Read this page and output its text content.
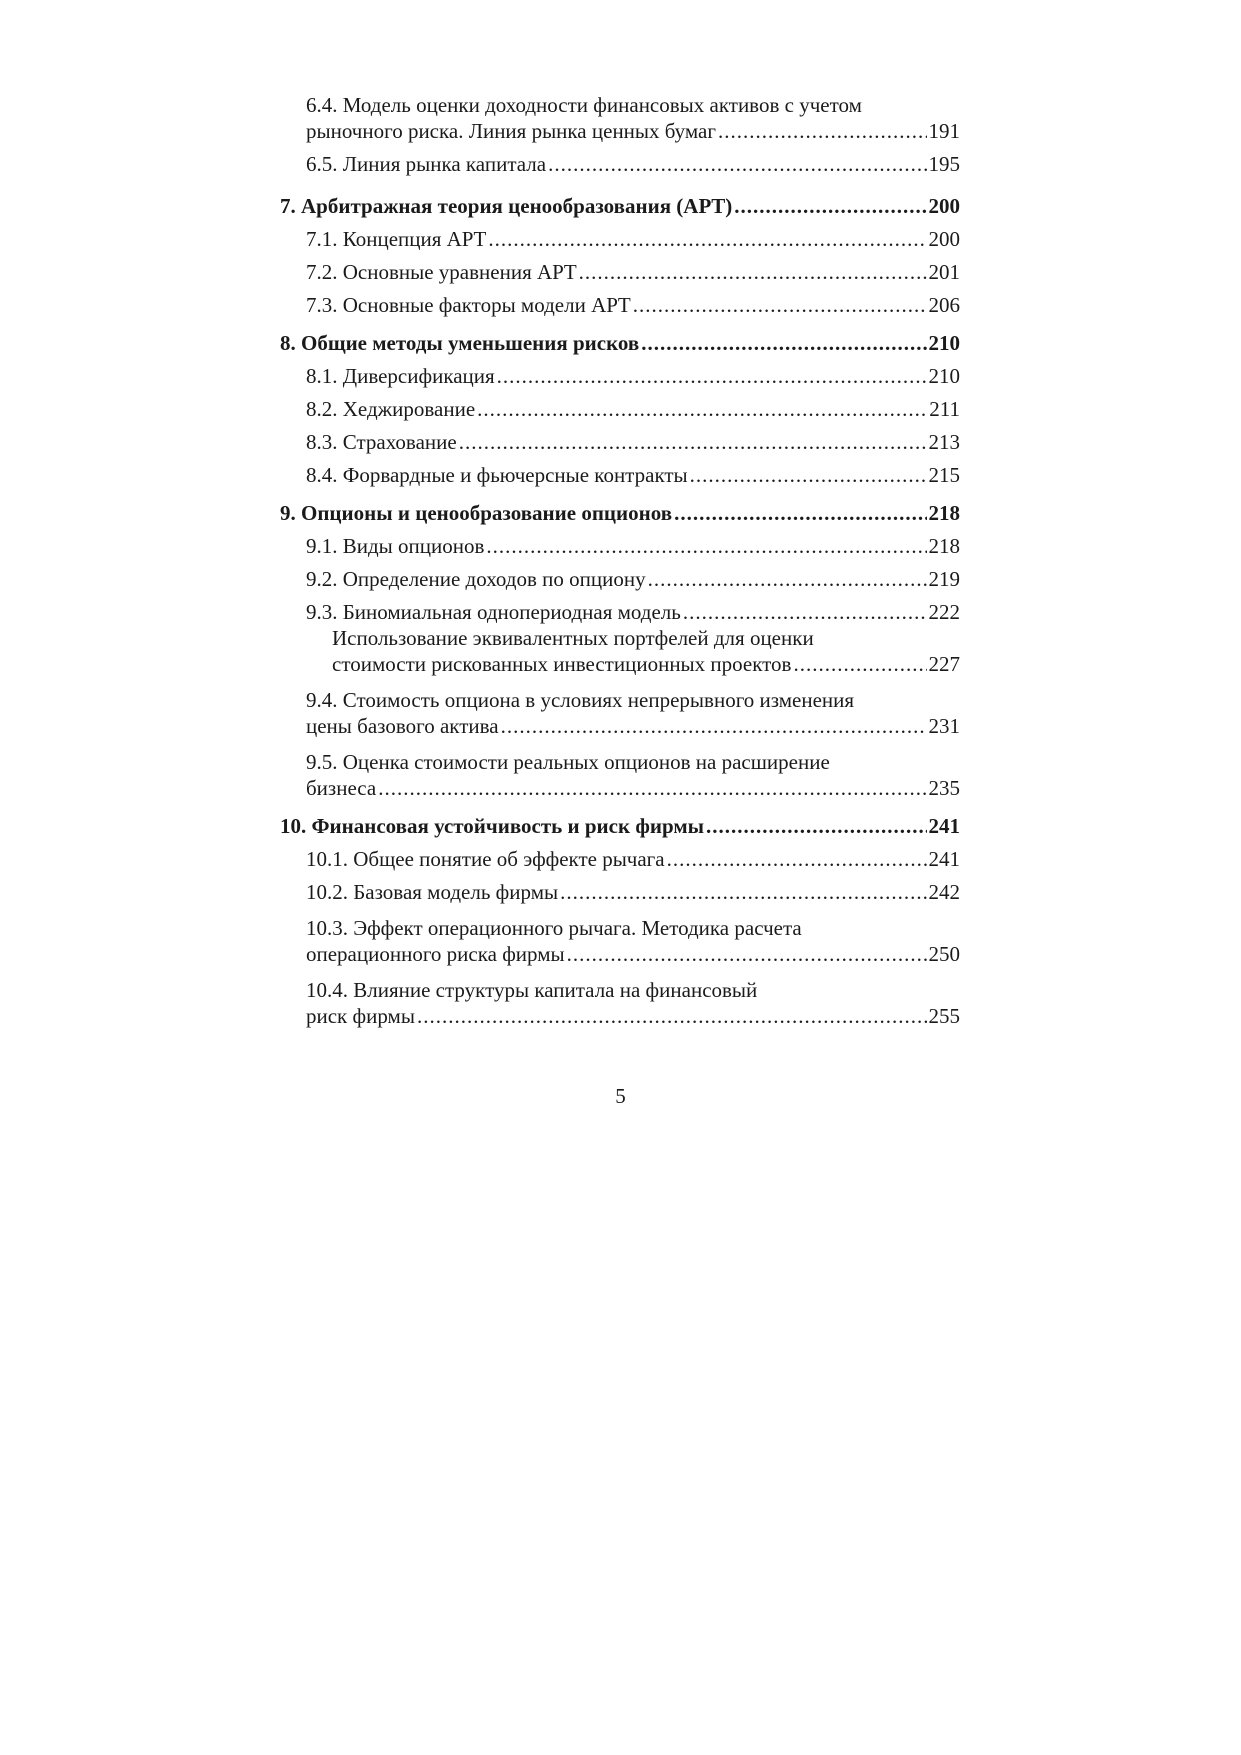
6.4. Модель оценки доходности финансовых активов с учетом
рыночного риска. Линия рынка ценных бумаг .....	191
6.5. Линия рынка капитала .....	195
7. Арбитражная теория ценообразования (APT) .....	200
7.1. Концепция APT .....	200
7.2. Основные уравнения APT .....	201
7.3. Основные факторы модели APT .....	206
8. Общие методы уменьшения рисков .....	210
8.1. Диверсификация .....	210
8.2. Хеджирование .....	211
8.3. Страхование .....	213
8.4. Форвардные и фьючерсные контракты .....	215
9. Опционы и ценообразование опционов .....	218
9.1. Виды опционов .....	218
9.2. Определение доходов по опциону .....	219
9.3. Биномиальная однопериодная модель .....	222
Использование эквивалентных портфелей для оценки
стоимости рискованных инвестиционных проектов .....	227
9.4. Стоимость опциона в условиях непрерывного изменения
цены базового актива .....	231
9.5. Оценка стоимости реальных опционов на расширение
бизнеса .....	235
10. Финансовая устойчивость и риск фирмы .....	241
10.1. Общее понятие об эффекте рычага .....	241
10.2. Базовая модель фирмы .....	242
10.3. Эффект операционного рычага. Методика расчета
операционного риска фирмы .....	250
10.4. Влияние структуры капитала на финансовый
риск фирмы .....	255
5
